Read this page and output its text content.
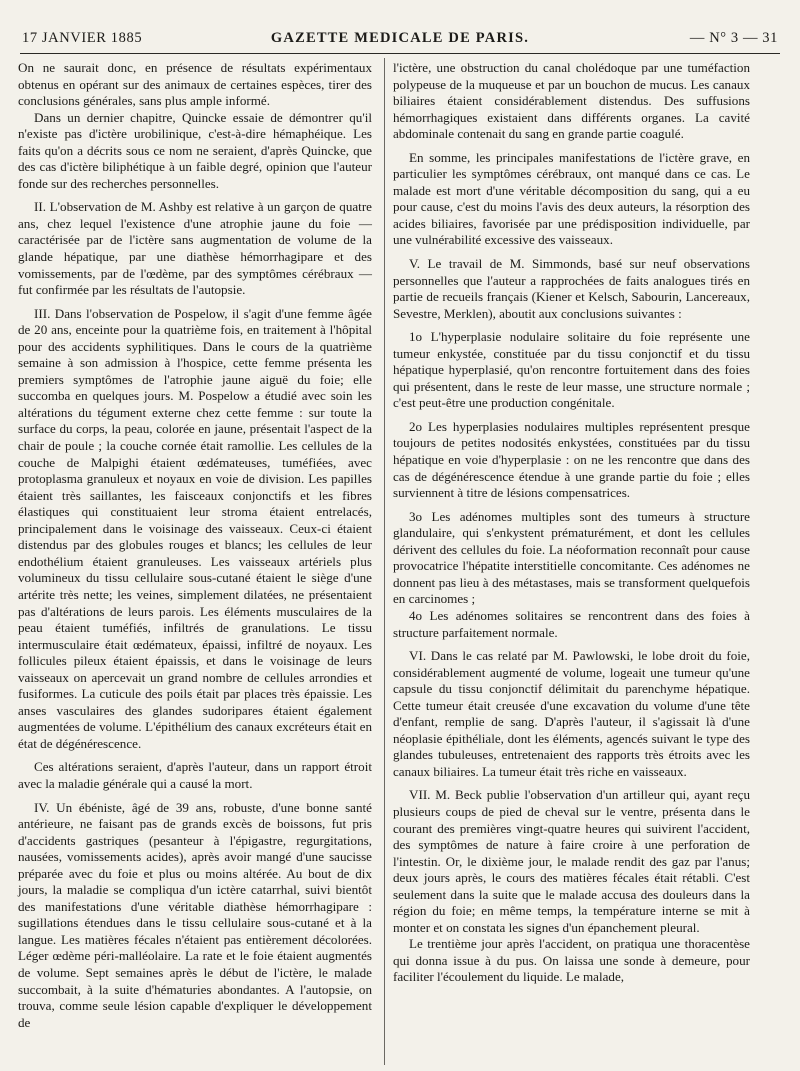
17 JANVIER 1885	GAZETTE MEDICALE DE PARIS.	— N° 3 — 31

On ne saurait donc, en présence de résultats expérimentaux obtenus en opérant sur des animaux de certaines espèces, tirer des conclusions générales, sans plus ample informé.

Dans un dernier chapitre, Quincke essaie de démontrer qu'il n'existe pas d'ictère urobilinique, c'est-à-dire hémaphéique. Les faits qu'on a décrits sous ce nom ne seraient, d'après Quincke, que des cas d'ictère biliphétique à un faible degré, opinion que l'auteur fonde sur des recherches personnelles.

II. L'observation de M. Ashby est relative à un garçon de quatre ans, chez lequel l'existence d'une atrophie jaune du foie — caractérisée par de l'ictère sans augmentation de volume de la glande hépatique, par une diathèse hémorrhagipare et des vomissements, par de l'œdème, par des symptômes cérébraux — fut confirmée par les résultats de l'autopsie.

III. Dans l'observation de Pospelow, il s'agit d'une femme âgée de 20 ans, enceinte pour la quatrième fois, en traitement à l'hôpital pour des accidents syphilitiques. Dans le cours de la quatrième semaine à son admission à l'hospice, cette femme présenta les premiers symptômes de l'atrophie jaune aiguë du foie; elle succomba en quelques jours. M. Pospelow a étudié avec soin les altérations du tégument externe chez cette femme : sur toute la surface du corps, la peau, colorée en jaune, présentait l'aspect de la chair de poule ; la couche cornée était ramollie. Les cellules de la couche de Malpighi étaient œdémateuses, tuméfiées, avec protoplasma granuleux et noyaux en voie de division. Les papilles étaient très saillantes, les faisceaux conjonctifs et les fibres élastiques qui constituaient leur stroma étaient entrelacés, principalement dans le voisinage des vaisseaux. Ceux-ci étaient distendus par des globules rouges et blancs; les cellules de leur endothélium étaient granuleuses. Les vaisseaux artériels plus volumineux du tissu cellulaire sous-cutané étaient le siège d'une artérite très nette; les veines, simplement dilatées, ne présentaient pas d'altérations de leurs parois. Les éléments musculaires de la peau étaient tuméfiés, infiltrés de granulations. Le tissu intermusculaire était œdémateux, épaissi, infiltré de noyaux. Les follicules pileux étaient épaissis, et dans le voisinage de leurs vaisseaux on apercevait un grand nombre de cellules arrondies et fusiformes. La cuticule des poils était par places très épaissie. Les anses vasculaires des glandes sudoripares étaient également augmentées de volume. L'épithélium des canaux excréteurs était en état de dégénérescence.

Ces altérations seraient, d'après l'auteur, dans un rapport étroit avec la maladie générale qui a causé la mort.

IV. Un ébéniste, âgé de 39 ans, robuste, d'une bonne santé antérieure, ne faisant pas de grands excès de boissons, fut pris d'accidents gastriques (pesanteur à l'épigastre, regurgitations, nausées, vomissements acides), après avoir mangé d'une saucisse préparée avec du foie et plus ou moins altérée. Au bout de dix jours, la maladie se compliqua d'un ictère catarrhal, suivi bientôt des manifestations d'une véritable diathèse hémorrhagipare : sugillations étendues dans le tissu cellulaire sous-cutané et à la langue. Les matières fécales n'étaient pas entièrement décolorées. Léger œdème péri-malléolaire. La rate et le foie étaient augmentés de volume. Sept semaines après le début de l'ictère, le malade succombait, à la suite d'hématuries abondantes. A l'autopsie, on trouva, comme seule lésion capable d'expliquer le développement de

l'ictère, une obstruction du canal cholédoque par une tuméfaction polypeuse de la muqueuse et par un bouchon de mucus. Les canaux biliaires étaient considérablement distendus. Des suffusions hémorrhagiques existaient dans différents organes. La cavité abdominale contenait du sang en grande partie coagulé.

En somme, les principales manifestations de l'ictère grave, en particulier les symptômes cérébraux, ont manqué dans ce cas. Le malade est mort d'une véritable décomposition du sang, qui a eu pour cause, c'est du moins l'avis des deux auteurs, la résorption des acides biliaires, favorisée par une prédisposition individuelle, par une vulnérabilité excessive des vaisseaux.

V. Le travail de M. Simmonds, basé sur neuf observations personnelles que l'auteur a rapprochées de faits analogues tirés en partie de recueils français (Kiener et Kelsch, Sabourin, Lancereaux, Sevestre, Merklen), aboutit aux conclusions suivantes :

1o L'hyperplasie nodulaire solitaire du foie représente une tumeur enkystée, constituée par du tissu conjonctif et du tissu hépatique hyperplasié, qu'on rencontre fortuitement dans des foies qui présentent, dans le reste de leur masse, une structure normale ; c'est peut-être une production congénitale.

2o Les hyperplasies nodulaires multiples représentent presque toujours de petites nodosités enkystées, constituées par du tissu hépatique en voie d'hyperplasie : on ne les rencontre que dans des cas de dégénérescence étendue à une grande partie du foie ; elles surviennent à titre de lésions compensatrices.

3o Les adénomes multiples sont des tumeurs à structure glandulaire, qui s'enkystent prématurément, et dont les cellules dérivent des cellules du foie. La néoformation reconnaît pour cause provocatrice l'hépatite interstitielle concomitante. Ces adénomes ne donnent pas lieu à des métastases, mais se transforment quelquefois en carcinomes ;

4o Les adénomes solitaires se rencontrent dans des foies à structure parfaitement normale.

VI. Dans le cas relaté par M. Pawlowski, le lobe droit du foie, considérablement augmenté de volume, logeait une tumeur qu'une capsule du tissu conjonctif délimitait du parenchyme hépatique. Cette tumeur était creusée d'une excavation du volume d'une tête d'enfant, remplie de sang. D'après l'auteur, il s'agissait là d'une néoplasie épithéliale, dont les éléments, agencés suivant le type des glandes tubuleuses, entretenaient des rapports très étroits avec les canaux biliaires. La tumeur était très riche en vaisseaux.

VII. M. Beck publie l'observation d'un artilleur qui, ayant reçu plusieurs coups de pied de cheval sur le ventre, présenta dans le courant des premières vingt-quatre heures qui suivirent l'accident, des symptômes de nature à faire croire à une perforation de l'intestin. Or, le dixième jour, le malade rendit des gaz par l'anus; deux jours après, le cours des matières fécales était rétabli. C'est seulement dans la suite que le malade accusa des douleurs dans la région du foie; en même temps, la température interne se mit à monter et on constata les signes d'un épanchement pleural.

Le trentième jour après l'accident, on pratiqua une thoracentèse qui donna issue à du pus. On laissa une sonde à demeure, pour faciliter l'écoulement du liquide. Le malade,
